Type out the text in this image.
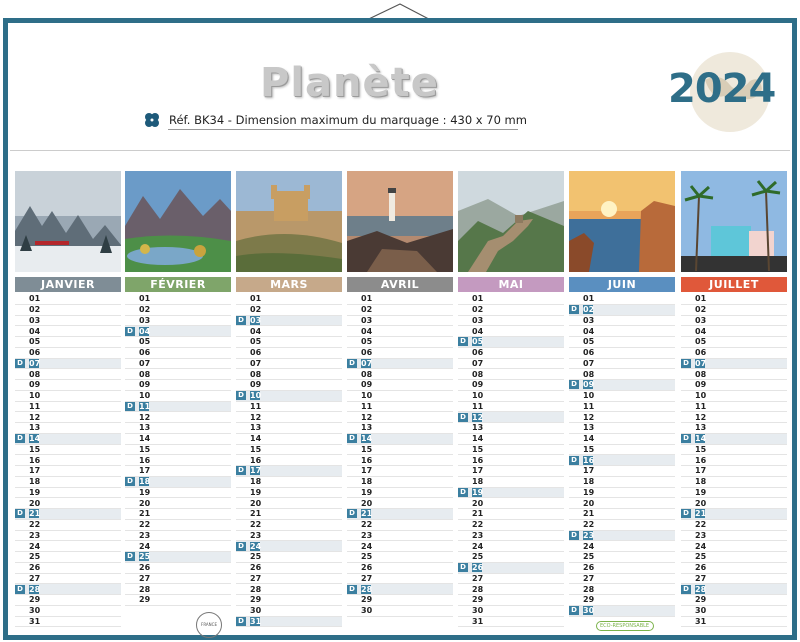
Planète
Réf. BK34 - Dimension maximum du marquage : 430 x 70 mm
2024
JANVIER
01
02
03
04
05
06
D 07
08
09
10
11
12
13
D 14
15
16
17
18
19
20
D 21
22
23
24
25
26
27
D 28
29
30
31
FÉVRIER
01
02
03
D 04
05
06
07
08
09
10
D 11
12
13
14
15
16
17
D 18
19
20
21
22
23
24
D 25
26
27
28
29
MARS
01
02
D 03
04
05
06
07
08
09
D 10
11
12
13
14
15
16
D 17
18
19
20
21
22
23
D 24
25
26
27
28
29
30
D 31
AVRIL
01
02
03
04
05
06
D 07
08
09
10
11
12
13
D 14
15
16
17
18
19
20
D 21
22
23
24
25
26
27
D 28
29
30
MAI
01
02
03
04
D 05
06
07
08
09
10
11
D 12
13
14
15
16
17
18
D 19
20
21
22
23
24
25
D 26
27
28
29
30
31
JUIN
01
D 02
03
04
05
06
07
08
D 09
10
11
12
13
14
15
D 16
17
18
19
20
21
22
D 23
24
25
26
27
28
29
D 30
JUILLET
01
02
03
04
05
06
D 07
08
09
10
11
12
13
D 14
15
16
17
18
19
20
D 21
22
23
24
25
26
27
D 28
29
30
31
FRANCE	ECO-RESPONSABLE
